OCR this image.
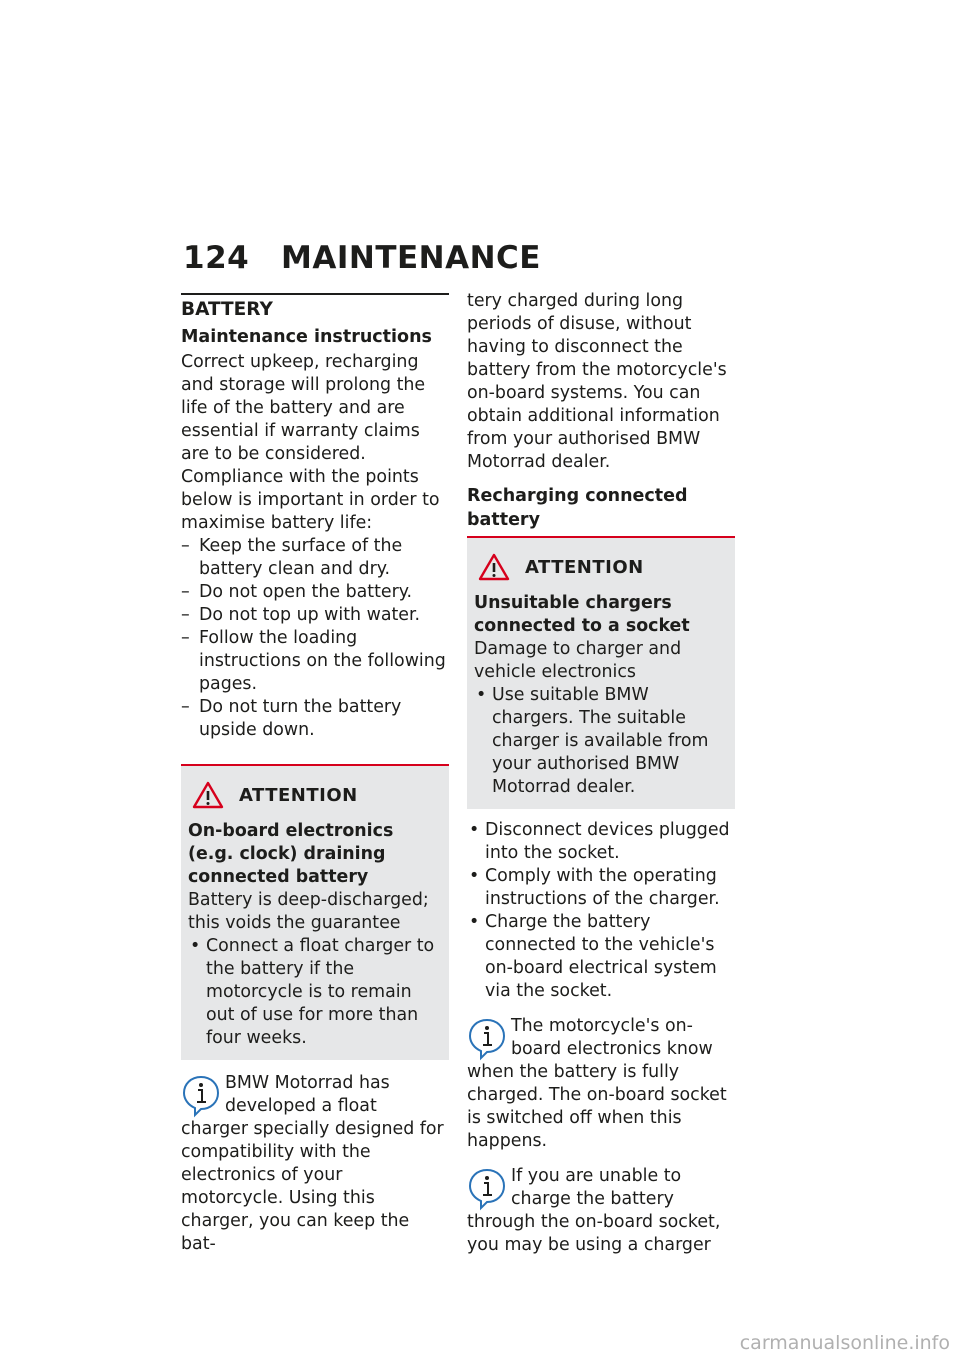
124 MAINTENANCE
BATTERY
Maintenance instructions

Correct upkeep, recharging and storage will prolong the life of the battery and are essential if warranty claims are to be considered.

Compliance with the points below is important in order to maximise battery life:

– Keep the surface of the battery clean and dry.
– Do not open the battery.
– Do not top up with water.
– Follow the loading instructions on the following pages.
– Do not turn the battery upside down.
ATTENTION
On-board electronics (e.g. clock) draining connected battery
Battery is deep-discharged; this voids the guarantee
• Connect a float charger to the battery if the motorcycle is to remain out of use for more than four weeks.

BMW Motorrad has developed a float charger specially designed for compatibility with the electronics of your motorcycle. Using this charger, you can keep the bat-

tery charged during long periods of disuse, without having to disconnect the battery from the motorcycle's on-board systems. You can obtain additional information from your authorised BMW Motorrad dealer.

Recharging connected battery
ATTENTION
Unsuitable chargers connected to a socket
Damage to charger and vehicle electronics
• Use suitable BMW chargers. The suitable charger is available from your authorised BMW Motorrad dealer.
• Disconnect devices plugged into the socket.
• Comply with the operating instructions of the charger.
• Charge the battery connected to the vehicle's on-board electrical system via the socket.

The motorcycle's on-board electronics know when the battery is fully charged. The on-board socket is switched off when this happens.

If you are unable to charge the battery through the on-board socket, you may be using a charger

carmanualsonline.info
